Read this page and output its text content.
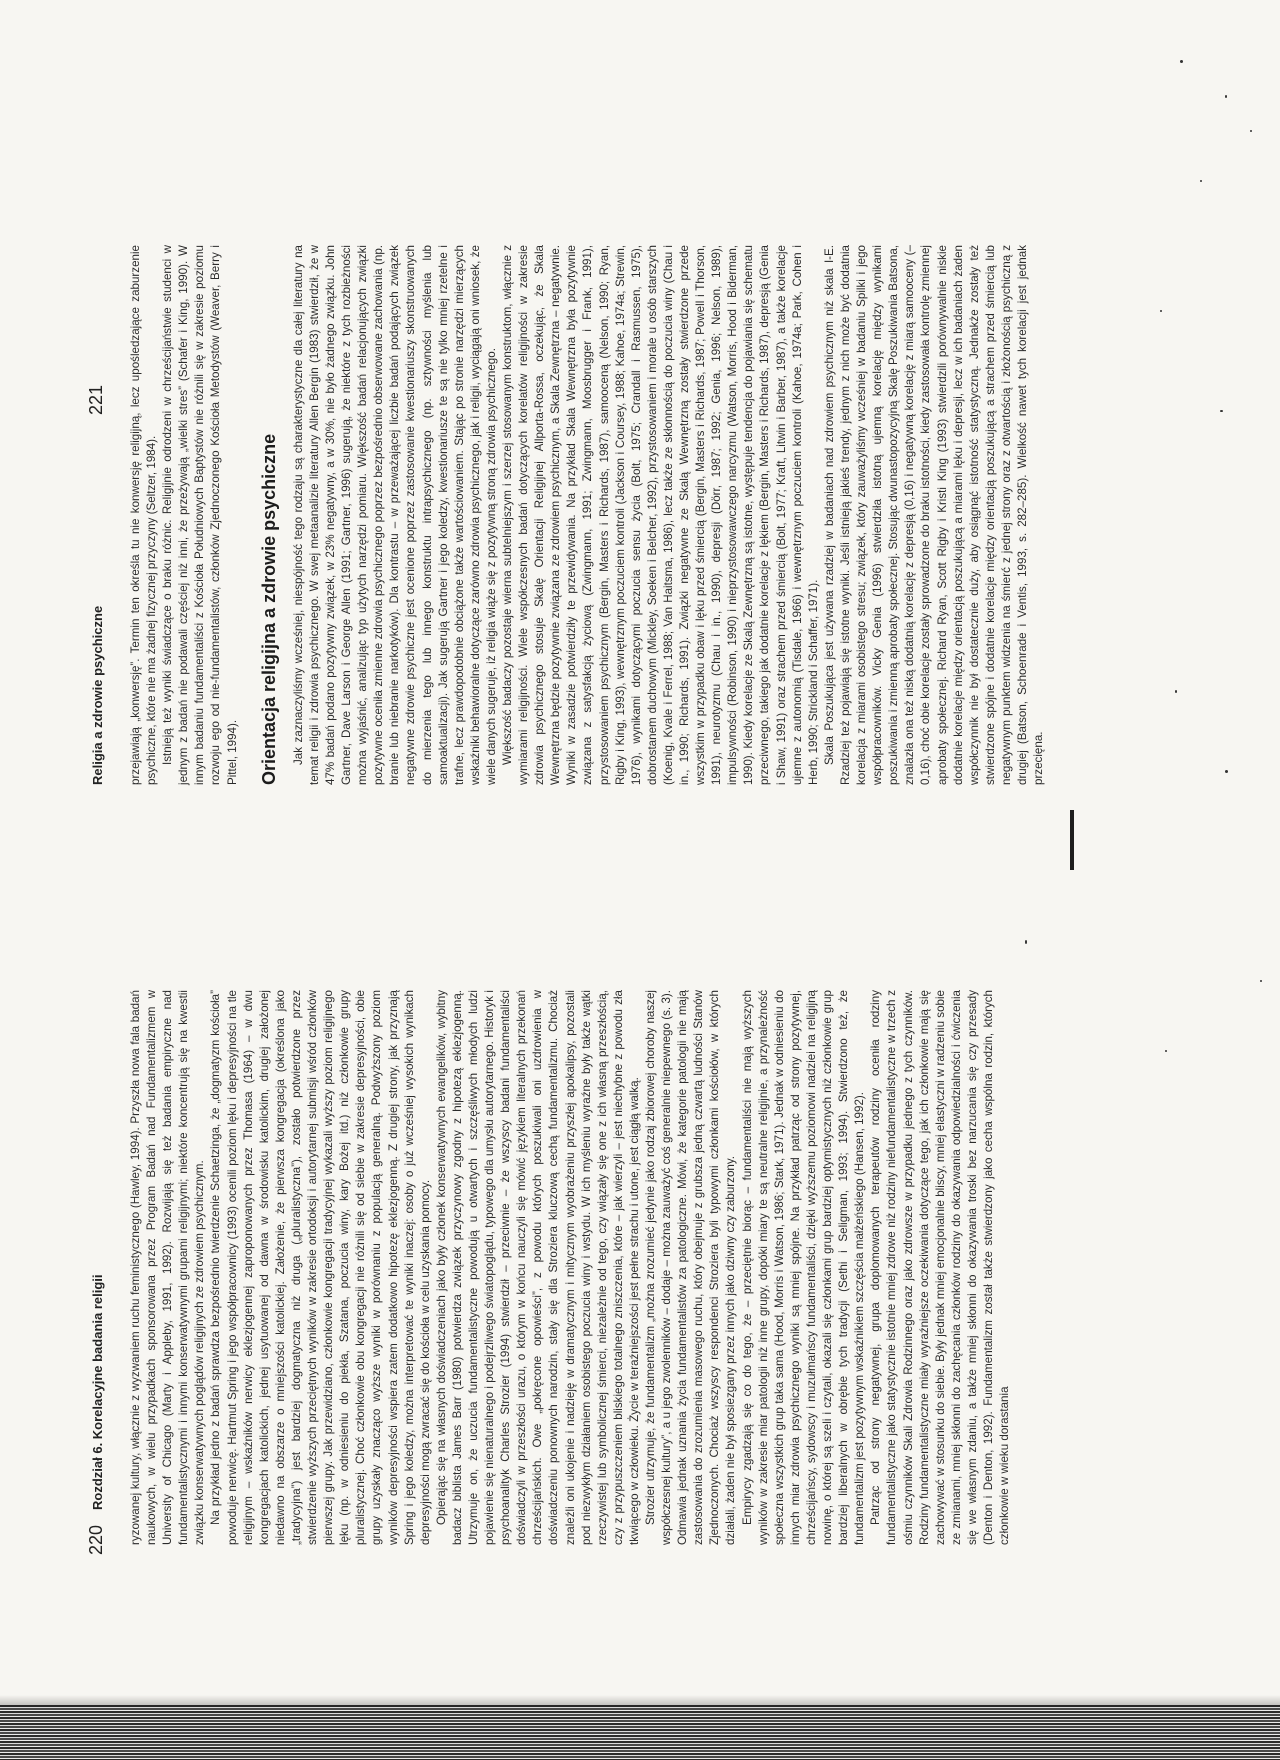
220
Rozdział 6. Korelacyjne badania religii ryzowanej kultury, włącznie z wyzwaniem ruchu feministycznego (Hawley, 1994). Przyszła nowa fala badań naukowych, w wielu przypadkach sponsorowana przez Program Badań nad Fundamentalizmem w University of Chicago (Marty i Appleby, 1991, 1992). Rozwijają się też badania empiryczne nad fundamentalistycznymi i innymi konserwatywnymi grupami religijnymi; niektóre koncentrują się na kwestii związku konserwatywnych poglądów religijnych ze zdrowiem psychicznym. Na przykład jedno z badań sprawdza bezpośrednio twierdzenie Schaetzinga, że „dogmatyzm kościoła” powoduje nerwicę. Hartmut Spring i jego współpracownicy (1993) ocenili poziom lęku i depresyjności na tle religijnym – wskaźników nerwicy eklezjogennej zaproponowanych przez Thomasa (1964) – w dwu kongregacjach katolickich, jednej usytuowanej od dawna w środowisku katolickim, drugiej założonej niedawno na obszarze o mniejszości katolickiej. Założenie, że pierwsza kongregacja (określona jako „tradycyjna”) jest bardziej dogmatyczna niż druga („pluralistyczna”), zostało potwierdzone przez stwierdzenie wyższych przeciętnych wyników w zakresie ortodoksji i autorytarnej submisji wśród członków pierwszej grupy. Jak przewidziano, członkowie kongregacji tradycyjnej wykazali wyższy poziom religijnego lęku (np. w odniesieniu do piekła, Szatana, poczucia winy, kary Bożej itd.) niż członkowie grupy pluralistycznej. Choć członkowie obu kongregacji nie różnili się od siebie w zakresie depresyjności, obie grupy uzyskały znacząco wyższe wyniki w porównaniu z populacją generalną. Podwyższony poziom wyników depresyjności wspiera zatem dodatkowo hipotezę eklezjogenną. Z drugiej strony, jak przyznają Spring i jego koledzy, można interpretować te wyniki inaczej: osoby o już wcześniej wysokich wynikach depresyjności mogą zwracać się do kościoła w celu uzyskania pomocy. Opierając się na własnych doświadczeniach jako były członek konserwatywnych ewangelików, wybitny badacz biblista James Barr (1980) potwierdza związek przyczynowy zgodny z hipotezą eklezjogenną. Utrzymuje on, że uczucia fundamentalistyczne powodują u otwartych i szczęśliwych młodych ludzi pojawienie się nienaturalnego i podejrzliwego światopoglądu, typowego dla umysłu autorytarnego. Historyk i psychoanalityk Charles Strozier (1994) stwierdził – przeciwnie – że wszyscy badani fundamentaliści doświadczyli w przeszłości urazu, o którym w końcu nauczyli się mówić językiem literalnych przekonań chrześcijańskich. Owe „pokręcone opowieści”, z powodu których poszukiwali oni uzdrowienia w doświadczeniu ponownych narodzin, stały się dla Strozierа kluczową cechą fundamentalizmu. Chociaż znaleźli oni ukojenie i nadzieję w dramatycznym i mitycznym wyobrażeniu przyszłej apokalipsy, pozostali pod niezwykłym działaniem osobistego poczucia winy i wstydu. W ich myśleniu wyraźne były także wątki rzeczywistej lub symbolicznej śmierci, niezależnie od tego, czy wiązały się one z ich własną przeszłością, czy z przypuszczeniem bliskiego totalnego zniszczenia, które – jak wierzyli – jest niechybne z powodu zła tkwiącego w człowieku. Życie w teraźniejszości jest pełne strachu i utone, jest ciągłą walką. Strozier utrzymuje, że fundamentalizm „można zrozumieć jedynie jako rodzaj zbiorowej choroby naszej współczesnej kultury”, a u jego zwolenników – dodaje – można zauważyć coś generalnie niepewnego (s. 3). Odmawia jednak uznania życia fundamentalistów za patologiczne. Mówi, że kategorie patologii nie mają zastosowania do zrozumienia masowego ruchu, który obejmuje z grubsza jedną czwartą ludności Stanów Zjednoczonych. Chociaż wszyscy respondenci Strozierа byli typowymi członkami kościołów, w których działali, żaden nie był sposiezgany przez innych jako dziwny czy zaburzony. Empirycy zgadzają się co do tego, że – przeciętnie biorąc – fundamentaliści nie mają wyższych wyników w zakresie miar patologii niż inne grupy, dopóki miary te są neutralne religijnie, a przynależność społeczna wszystkich grup taka sama (Hood, Morris i Watson, 1986; Stark, 1971). Jednak w odniesieniu do innych miar zdrowia psychicznego wyniki są mniej spójne. Na przykład patrząc od strony pozytywnej, chrześcijańscy, sydowscy i muzułmańscy fundamentaliści, dzięki wyższemu poziomowi nadziei na religijną nowinę, o której są szeli i czytali, okazali się członkami grup bardziej optymistycznych niż członkowie grup bardziej liberalnych w obrębie tych tradycji (Sethi i Seligman, 1993; 1994). Stwierdzono też, że fundamentalizm jest pozytywnym wskaźnikiem szczęścia małżeńskiego (Hansen, 1992). Patrząc od strony negatywnej, grupa doplomowanych terapeutów rodziny oceniła rodziny fundamentalistyczne jako statystycznie istotnie mniej zdrowe niż rodziny niefundamentalistyczne w trzech z ośmiu czynników Skali Zdrowia Rodzinnego oraz jako zdrowsze w przypadku jednego z tych czynników. Rodziny fundamentalistyczne miały wyraźniejsze oczekiwania dotyczące tego, jak ich członkowie mają się zachowywać w stosunku do siebie. Były jednak mniej emocjonalnie bliscy, mniej elastyczni w radzeniu sobie ze zmianami, mniej skłonni do zachęcania członków rodziny do okazywania odpowiedzialności i ćwiczenia się we własnym zdaniu, a także mniej skłonni do okazywania troski bez narzucania się czy przesady (Denton i Denton, 1992). Fundamentalizm został także stwierdzony jako cecha wspólna rodzin, których członkowie w wieku dorastania

Religia a zdrowie psychiczne
221 przejawiają „konwersję”. Termin ten określa tu nie konwersję religijną, lecz upośledzające zaburzenie psychiczne, które nie ma żadnej fizycznej przyczyny (Seltzer, 1984). Istnieją też wyniki świadczące o braku różnic. Religijnie odrodzeni w chrześcijaństwie studenci w jednym z badań nie podawali częściej niż inni, że przeżywają „wielki stres” (Schafer i King, 1990). W innym badaniu fundamentaliści z Kościoła Południowych Baptystów nie różnili się w zakresie poziomu rozwoju ego od nie-fundamentalistów, członków Zjednoczonego Kościoła Metodystów (Weaver, Berry i Pittel, 1994). Orientacja religijna a zdrowie psychiczne Jak zaznaczyliśmy wcześniej, niespójność tego rodzaju są charakterystyczne dla całej literatury na temat religii i zdrowia psychicznego. W swej metaanalizie literatury Allen Bergin (1983) stwierdził, że w 47% badań podano pozytywny związek, w 23% negatywny, a w 30%, nie było żadnego związku. John Gartner, Dave Larson i George Allen (1991; Gartner, 1996) sugerują, że niektóre z tych rozbieżności można wyjaśnić, analizując typ użytych narzędzi pomiaru. Większość badań relacjonujących związki pozytywne oceniła zmienne zdrowia psychicznego poprzez bezpośrednio obserwowane zachowania (np. branie lub niebranie narkotyków). Dla kontrastu – w przeważającej liczbie badań podających związek negatywne zdrowie psychiczne jest ocenione poprzez zastosowanie kwestionariuszy skonstruowanych do mierzenia tego lub innego konstruktu intrapsychicznego (np. sztywności myślenia lub samoaktualizacji). Jak sugerują Gartner i jego koledzy, kwestionariusze te są nie tylko mniej rzetelne i trafne, lecz prawdopodobnie obciążone także wartościowaniem. Stając po stronie narzędzi mierzących wskaźniki behawioralne dotyczące zarówno zdrowia psychicznego, jak i religii, wyciągają oni wniosek, że wiele danych sugeruje, iż religia wiąże się z pozytywną stroną zdrowia psychicznego. Większość badaczy pozostaje wierna subtelniejszym i szerzej stosowanym konstruktom, włącznie z wymiarami religijności. Wiele współczesnych badań dotyczących korelatów religijności w zakresie zdrowia psychicznego stosuje Skalę Orientacji Religijnej Allporta-Rossa, oczekując, że Skala Wewnętrzna będzie pozytywnie związana ze zdrowiem psychicznym, a Skala Zewnętrzna – negatywnie. Wyniki w zasadzie potwierdziły te przewidywania. Na przykład Skala Wewnętrzna była pozytywnie związana z satysfakcją życiową (Zwingmann, 1991; Zwingmann, Moosbrugger i Frank, 1991), przystosowaniem psychicznym (Bergin, Masters i Richards, 1987), samooceną (Nelson, 1990; Ryan, Rigby i King, 1993), wewnętrznym poczuciem kontroli (Jackson i Coursey, 1988; Kahoe, 1974a; Strewin, 1976), wynikami dotyczącymi poczucia sensu życia (Bolt, 1975; Crandall i Rasmussen, 1975), dobrostanem duchowym (Mickley, Soeken i Belcher, 1992), przystosowaniem i morale u osób starszych (Koenig, Kvale i Ferrel, 1988; Van Haitsma, 1986), lecz także ze skłonnością do poczucia winy (Chau i in., 1990; Richards, 1991). Związki negatywne ze Skalą Wewnętrzną zostały stwierdzone przede wszystkim w przypadku obaw i lęku przed śmiercią (Bergin, Masters i Richards, 1987; Powell i Thorson, 1991), neurotyzmu (Chau i in., 1990), depresji (Dörr, 1987; 1992; Genia, 1996; Nelson, 1989), impulsywności (Robinson, 1990) i nieprzystosowawczego narcyzmu (Watson, Morris, Hood i Biderman, 1990). Kiedy korelacje ze Skalą Zewnętrzną są istotne, występuje tendencja do pojawiania się schematu przeciwnego, takiego jak dodatnie korelacje z lękiem (Bergin, Masters i Richards, 1987), depresją (Genia i Shaw, 1991) oraz strachem przed śmiercią (Bolt, 1977; Kraft, Litwin i Barber, 1987), a także korelacje ujemne z autonomią (Tisdale, 1966) i wewnętrznym poczuciem kontroli (Kahoe, 1974a; Park, Cohen i Herb, 1990; Strickland i Schaffer, 1971). Skala Poszukująca jest używana rzadziej w badaniach nad zdrowiem psychicznym niż skala I-E. Rzadziej też pojawiają się istotne wyniki. Jeśli istnieją jakieś trendy, jednym z nich może być dodatnia korelacja z miarami osobistego stresu; związek, który zauważyliśmy wcześniej w badaniu Spilki i jego współpracowników. Vicky Genia (1996) stwierdziła istotną ujemną korelację między wynikami poszukiwania i zmienną aprobaty społecznej. Stosując dwunastopozycyjną Skalę Poszukiwania Batsona, znalazła ona też niską dodatnią korelację z depresją (0,16) i negatywną korelację z miarą samooceny (–0,16), choć obie korelacje zostały sprowadzone do braku istotności, kiedy zastosowała kontrolę zmiennej aprobaty społecznej. Richard Ryan, Scott Rigby i Kristi King (1993) stwierdzili porównywalnie niskie dodatnie korelacje między orientacją poszukującą a miarami lęku i depresji, lecz w ich badaniach żaden współczynnik nie był dostatecznie duży, aby osiągnąć istotność statystyczną. Jednakże zostały też stwierdzone spójne i dodatnie korelacje między orientacją poszukującą a strachem przed śmiercią lub negatywnym punktem widzenia na śmierć z jednej strony oraz z otwartością i złożonością psychiczną z drugiej (Batson, Schoenrade i Ventis, 1993, s. 282–285). Wielkość nawet tych korelacji jest jednak przecięna.
